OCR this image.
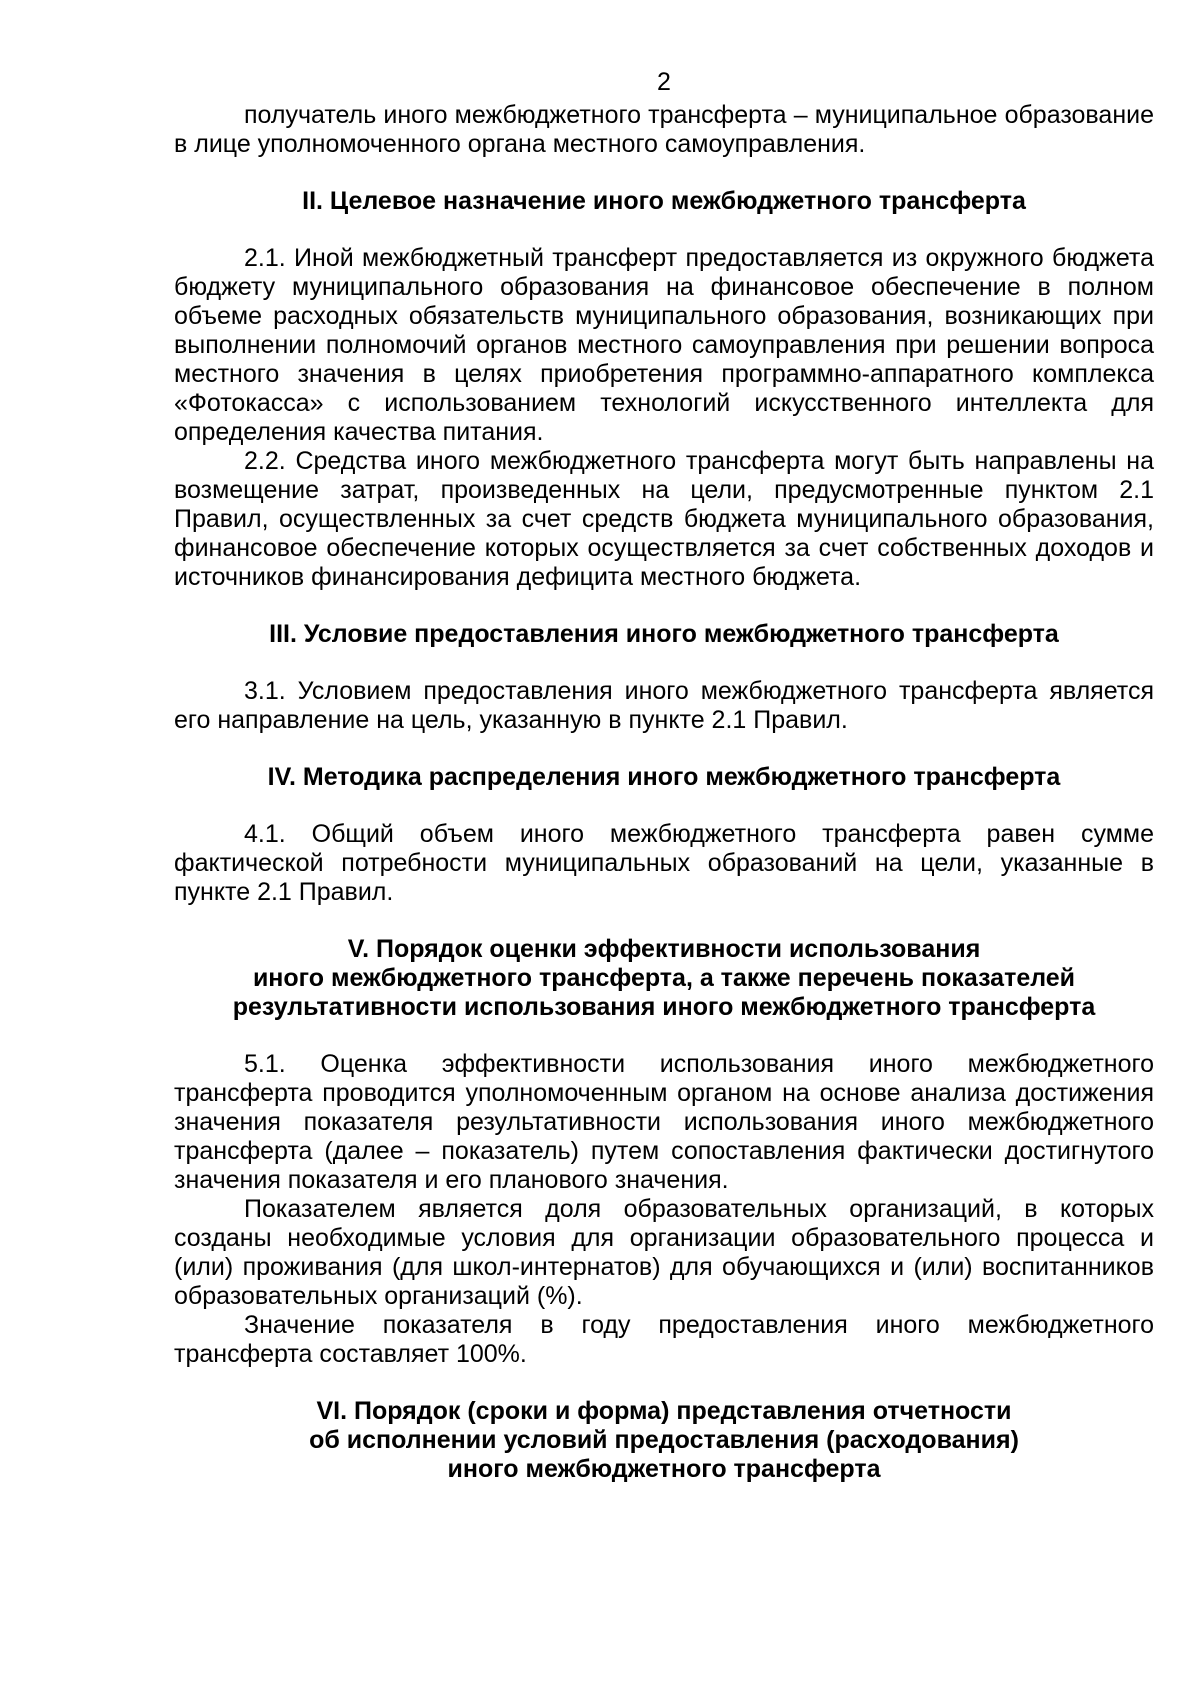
2

получатель иного межбюджетного трансферта – муниципальное образование в лице уполномоченного органа местного самоуправления.

II. Целевое назначение иного межбюджетного трансферта

2.1. Иной межбюджетный трансферт предоставляется из окружного бюджета бюджету муниципального образования на финансовое обеспечение в полном объеме расходных обязательств муниципального образования, возникающих при выполнении полномочий органов местного самоуправления при решении вопроса местного значения в целях приобретения программно-аппаратного комплекса «Фотокасса» с использованием технологий искусственного интеллекта для определения качества питания.

2.2. Средства иного межбюджетного трансферта могут быть направлены на возмещение затрат, произведенных на цели, предусмотренные пунктом 2.1 Правил, осуществленных за счет средств бюджета муниципального образования, финансовое обеспечение которых осуществляется за счет собственных доходов и источников финансирования дефицита местного бюджета.

III. Условие предоставления иного межбюджетного трансферта

3.1. Условием предоставления иного межбюджетного трансферта является его направление на цель, указанную в пункте 2.1 Правил.

IV. Методика распределения иного межбюджетного трансферта

4.1. Общий объем иного межбюджетного трансферта равен сумме фактической потребности муниципальных образований на цели, указанные в пункте 2.1 Правил.

V. Порядок оценки эффективности использования
иного межбюджетного трансферта, а также перечень показателей
результативности использования иного межбюджетного трансферта

5.1. Оценка эффективности использования иного межбюджетного трансферта проводится уполномоченным органом на основе анализа достижения значения показателя результативности использования иного межбюджетного трансферта (далее – показатель) путем сопоставления фактически достигнутого значения показателя и его планового значения.

Показателем является доля образовательных организаций, в которых созданы необходимые условия для организации образовательного процесса и (или) проживания (для школ-интернатов) для обучающихся и (или) воспитанников образовательных организаций (%).

Значение показателя в году предоставления иного межбюджетного трансферта составляет 100%.

VI. Порядок (сроки и форма) представления отчетности
об исполнении условий предоставления (расходования)
иного межбюджетного трансферта
